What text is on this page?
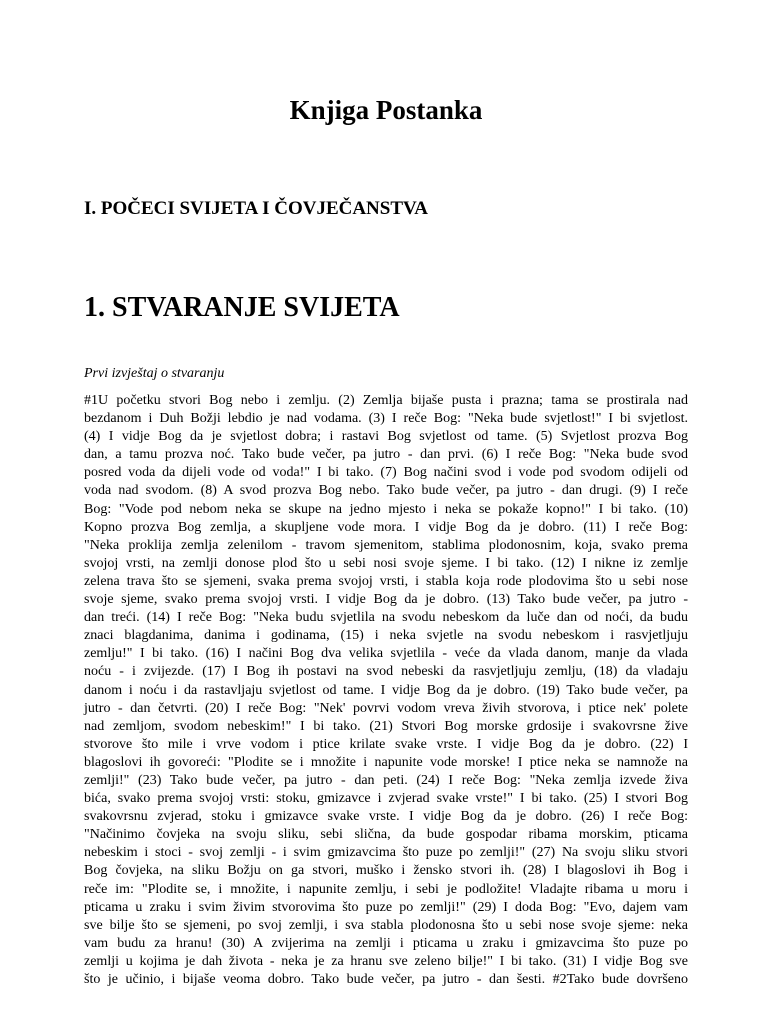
Knjiga Postanka
I. POČECI SVIJETA I ČOVJEČANSTVA
1. STVARANJE SVIJETA

Prvi izvještaj o stvaranju

#1U početku stvori Bog nebo i zemlju. (2) Zemlja bijaše pusta i prazna; tama se prostirala nad
bezdanom i Duh Božji lebdio je nad vodama. (3) I reče Bog: "Neka bude svjetlost!" I bi svjetlost.
(4) I vidje Bog da je svjetlost dobra; i rastavi Bog svjetlost od tame. (5) Svjetlost prozva Bog
dan, a tamu prozva noć. Tako bude večer, pa jutro - dan prvi. (6) I reče Bog: "Neka bude svod
posred voda da dijeli vode od voda!" I bi tako. (7) Bog načini svod i vode pod svodom odijeli od
voda nad svodom. (8) A svod prozva Bog nebo. Tako bude večer, pa jutro - dan drugi. (9) I reče
Bog: "Vode pod nebom neka se skupe na jedno mjesto i neka se pokaže kopno!" I bi tako. (10)
Kopno prozva Bog zemlja, a skupljene vode mora. I vidje Bog da je dobro. (11) I reče Bog:
"Neka proklija zemlja zelenilom - travom sjemenitom, stablima plodonosnim, koja, svako prema
svojoj vrsti, na zemlji donose plod što u sebi nosi svoje sjeme. I bi tako. (12) I nikne iz zemlje
zelena trava što se sjemeni, svaka prema svojoj vrsti, i stabla koja rode plodovima što u sebi nose
svoje sjeme, svako prema svojoj vrsti. I vidje Bog da je dobro. (13) Tako bude večer, pa jutro -
dan treći. (14) I reče Bog: "Neka budu svjetlila na svodu nebeskom da luče dan od noći, da budu
znaci blagdanima, danima i godinama, (15) i neka svjetle na svodu nebeskom i rasvjetljuju
zemlju!" I bi tako. (16) I načini Bog dva velika svjetlila - veće da vlada danom, manje da vlada
noću - i zvijezde. (17) I Bog ih postavi na svod nebeski da rasvjetljuju zemlju, (18) da vladaju
danom i noću i da rastavljaju svjetlost od tame. I vidje Bog da je dobro. (19) Tako bude večer, pa
jutro - dan četvrti. (20) I reče Bog: "Nek' povrvi vodom vreva živih stvorova, i ptice nek' polete
nad zemljom, svodom nebeskim!" I bi tako. (21) Stvori Bog morske grdosije i svakovrsne žive
stvorove što mile i vrve vodom i ptice krilate svake vrste. I vidje Bog da je dobro. (22) I
blagoslovi ih govoreći: "Plodite se i množite i napunite vode morske! I ptice neka se namnože na
zemlji!" (23) Tako bude večer, pa jutro - dan peti. (24) I reče Bog: "Neka zemlja izvede živa
bića, svako prema svojoj vrsti: stoku, gmizavce i zvjerad svake vrste!" I bi tako. (25) I stvori Bog
svakovrsnu zvjerad, stoku i gmizavce svake vrste. I vidje Bog da je dobro. (26) I reče Bog:
"Načinimo čovjeka na svoju sliku, sebi slična, da bude gospodar ribama morskim, pticama
nebeskim i stoci - svoj zemlji - i svim gmizavcima što puze po zemlji!" (27) Na svoju sliku stvori
Bog čovjeka, na sliku Božju on ga stvori, muško i žensko stvori ih. (28) I blagoslovi ih Bog i
reče im: "Plodite se, i množite, i napunite zemlju, i sebi je podložite! Vladajte ribama u moru i
pticama u zraku i svim živim stvorovima što puze po zemlji!" (29) I doda Bog: "Evo, dajem vam
sve bilje što se sjemeni, po svoj zemlji, i sva stabla plodonosna što u sebi nose svoje sjeme: neka
vam budu za hranu! (30) A zvijerima na zemlji i pticama u zraku i gmizavcima što puze po
zemlji u kojima je dah života - neka je za hranu sve zeleno bilje!" I bi tako. (31) I vidje Bog sve
što je učinio, i bijaše veoma dobro. Tako bude večer, pa jutro - dan šesti. #2Tako bude dovršeno
